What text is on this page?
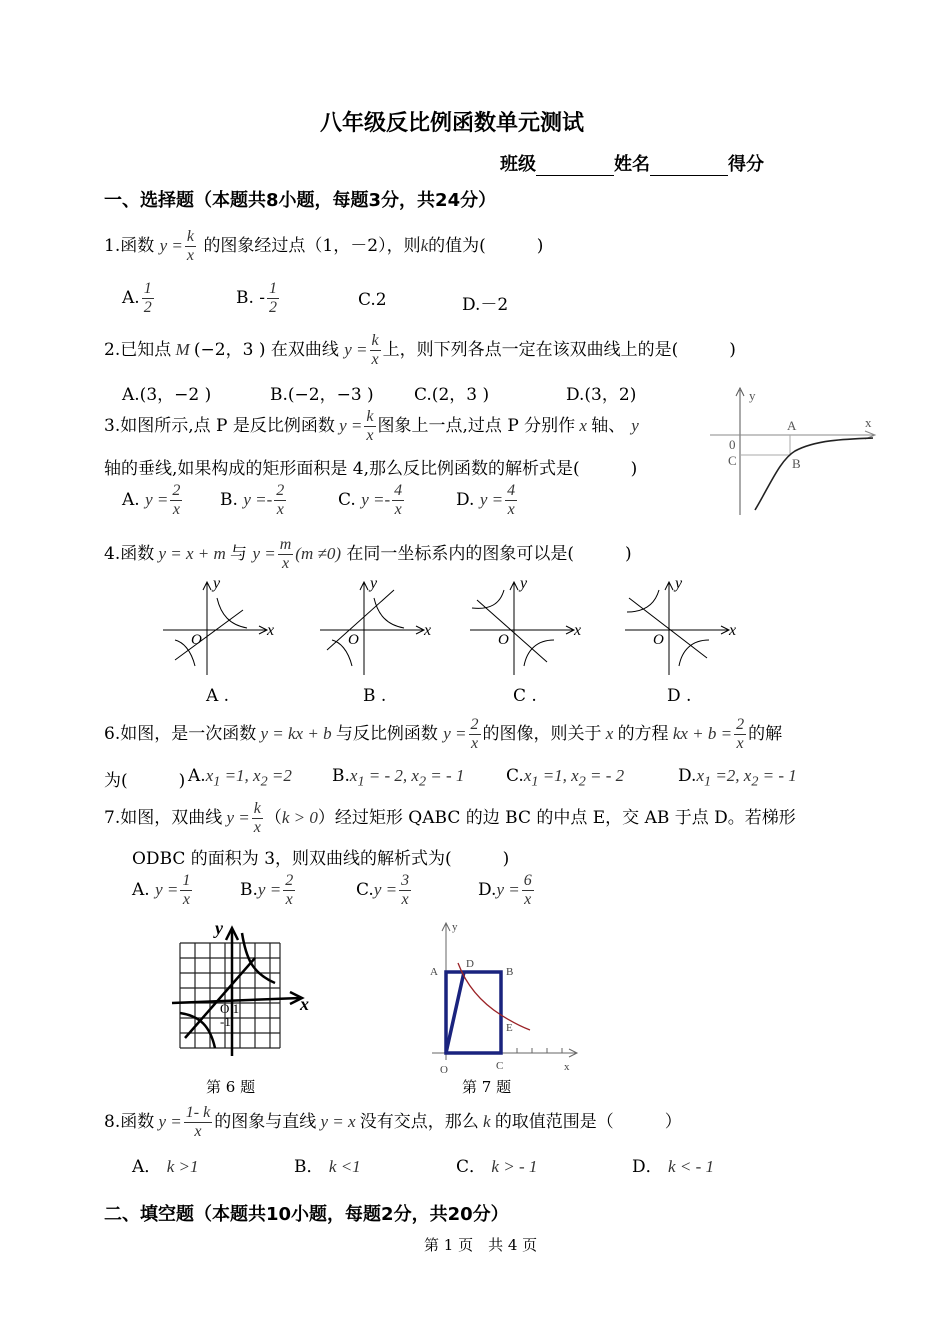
八年级反比例函数单元测试
班级	姓名	得分
一、选择题（本题共8小题，每题3分，共24分）
1.函数 $y = \frac{k}{x}$ 的图象经过点（1，－2），则k的值为(　　　)
A. $\frac{1}{2}$	B. - $\frac{1}{2}$	C.2	D.－2
2.已知点 M (−2，3 ) 在双曲线 $y = \frac{k}{x}$ 上，则下列各点一定在该双曲线上的是(　　　)
A.(3，−2 )	B.(−2，−3 ) C.(2，3 )	D.(3，2)
3.如图所示,点 P 是反比例函数 $y = \frac{k}{x}$ 图象上一点,过点 P 分别作 x 轴、 y
轴的垂线,如果构成的矩形面积是 4,那么反比例函数的解析式是(　　　)
A. $y = \frac{2}{x} B$. $y =- \frac{2}{x}$	C. $y =- \frac{4}{x}$	D. $y = \frac{4}{x}$
y
x
A
0
C	B
4.函数 y = x + m 与 $y = \frac{m}{x} (m \ne 0)$ 在同一坐标系内的图象可以是(　　　)
y
x
O
y
x
O
y
x
O
y
x
O
A .	B .	C .	D .
6.如图，是一次函数 y = kx + b 与反比例函数 $y = \frac{2}{x}$ 的图像，则关于 x 的方程 kx + $b = \frac{2}{x}$ 的解
为(　　　) $A.x_1 =1$, $x_2 =2$ $B.x_1$ = - 2, $x_2$ = - 1 $C.x_1 =1$, $x_2$ = - 2	$D.x_1 =2$, $x_2$ = - 1
7.如图，双曲线 $y = \frac{k}{x} (k > 0)$经过矩形 QABC 的边 BC 的中点 E，交 AB 于点 D。若梯形
ODBC 的面积为 3，则双曲线的解析式为(　　　)
A. $y = \frac{1}{x}$	$B.y = \frac{2}{x}$	$C.y = \frac{3}{x}$	$D.y = \frac{6}{x}$
y
x
O 1
-1
第 6 题
y
x
A
D
B
E
O	C
第 7 题
8.函数 $y = \frac{1- k}{x}$ 的图象与直线 y = x 没有交点，那么 k 的取值范围是（　　　）
A． k >1	B． k <1	C． k > - 1	D． k < - 1
二、填空题（本题共10小题，每题2分，共20分）
第 1 页　共 4 页
